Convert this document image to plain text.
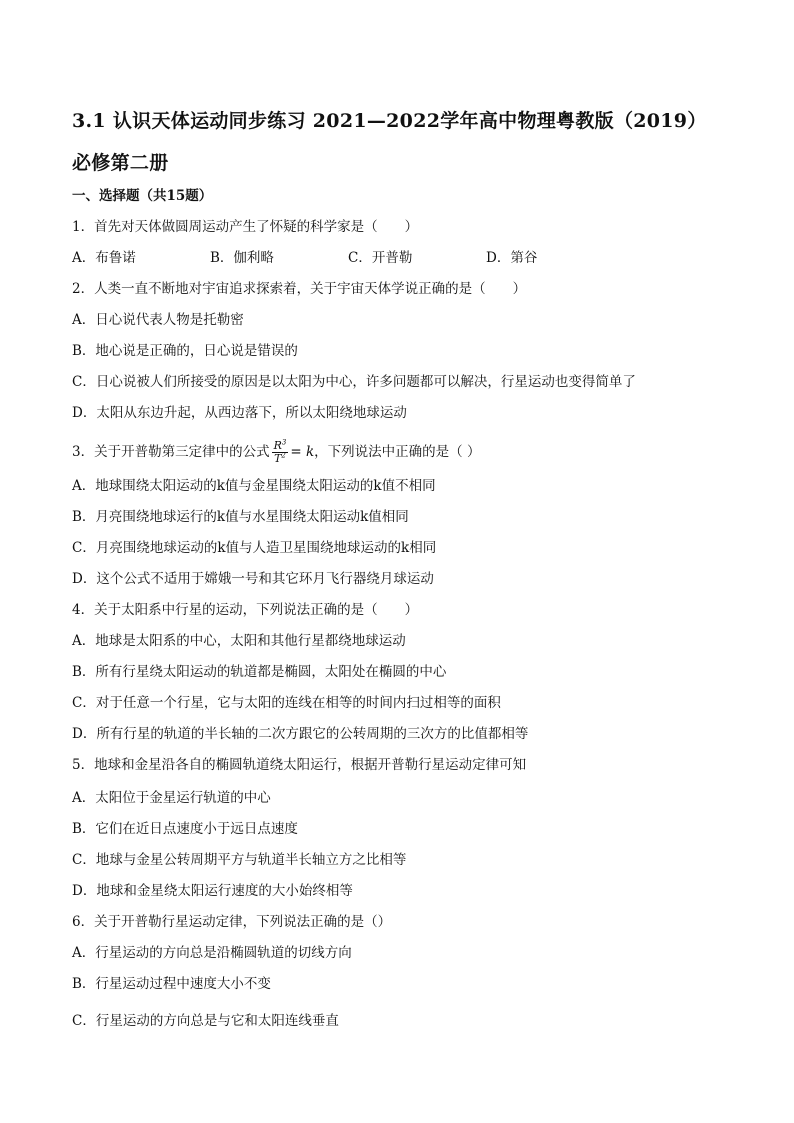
3.1 认识天体运动同步练习 2021—2022学年高中物理粤教版（2019）
必修第二册
一、选择题（共15题）
1．首先对天体做圆周运动产生了怀疑的科学家是（　　）
A．布鲁诺	B．伽利略	C．开普勒	D．第谷
2．人类一直不断地对宇宙追求探索着，关于宇宙天体学说正确的是（　　）
A．日心说代表人物是托勒密
B．地心说是正确的，日心说是错误的
C．日心说被人们所接受的原因是以太阳为中心，许多问题都可以解决，行星运动也变得简单了
D．太阳从东边升起，从西边落下，所以太阳绕地球运动
3．关于开普勒第三定律中的公式 $\frac{R^3}{T^2} = k$，下列说法中正确的是（ ）
A．地球围绕太阳运动的k值与金星围绕太阳运动的k值不相同
B．月亮围绕地球运行的k值与水星围绕太阳运动k值相同
C．月亮围绕地球运动的k值与人造卫星围绕地球运动的k相同
D．这个公式不适用于嫦娥一号和其它环月飞行器绕月球运动
4．关于太阳系中行星的运动，下列说法正确的是（　　）
A．地球是太阳系的中心，太阳和其他行星都绕地球运动
B．所有行星绕太阳运动的轨道都是椭圆，太阳处在椭圆的中心
C．对于任意一个行星，它与太阳的连线在相等的时间内扫过相等的面积
D．所有行星的轨道的半长轴的二次方跟它的公转周期的三次方的比值都相等
5．地球和金星沿各自的椭圆轨道绕太阳运行，根据开普勒行星运动定律可知
A．太阳位于金星运行轨道的中心
B．它们在近日点速度小于远日点速度
C．地球与金星公转周期平方与轨道半长轴立方之比相等
D．地球和金星绕太阳运行速度的大小始终相等
6．关于开普勒行星运动定律，下列说法正确的是（）
A．行星运动的方向总是沿椭圆轨道的切线方向
B．行星运动过程中速度大小不变
C．行星运动的方向总是与它和太阳连线垂直
